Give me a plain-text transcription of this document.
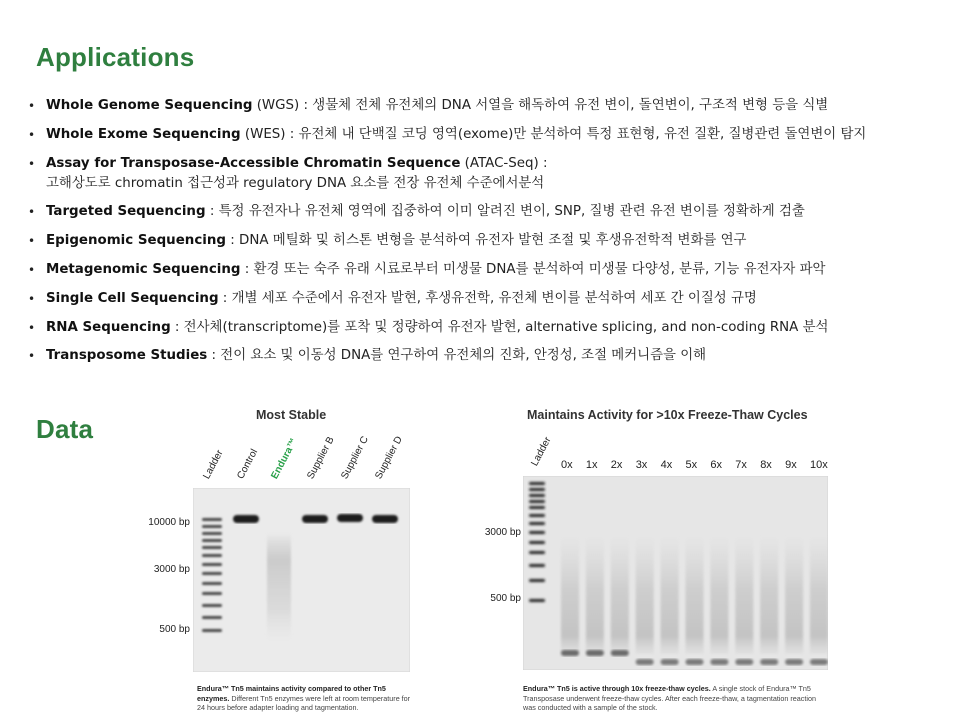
Applications
• Whole Genome Sequencing (WGS) : 생물체 전체 유전체의 DNA 서열을 해독하여 유전 변이, 돌연변이, 구조적 변형 등을 식별
• Whole Exome Sequencing (WES) : 유전체 내 단백질 코딩 영역(exome)만 분석하여 특정 표현형, 유전 질환, 질병관련 돌연변이 탐지
• Assay for Transposase-Accessible Chromatin Sequence (ATAC-Seq) :
고해상도로 chromatin 접근성과 regulatory DNA 요소를 전장 유전체 수준에서분석
• Targeted Sequencing : 특정 유전자나 유전체 영역에 집중하여 이미 알려진 변이, SNP, 질병 관련 유전 변이를 정확하게 검출
• Epigenomic Sequencing : DNA 메틸화 및 히스톤 변형을 분석하여 유전자 발현 조절 및 후생유전학적 변화를 연구
• Metagenomic Sequencing : 환경 또는 숙주 유래 시료로부터 미생물 DNA를 분석하여 미생물 다양성, 분류, 기능 유전자자 파악
• Single Cell Sequencing : 개별 세포 수준에서 유전자 발현, 후생유전학, 유전체 변이를 분석하여 세포 간 이질성 규명
• RNA Sequencing : 전사체(transcriptome)를 포착 및 정량하여 유전자 발현, alternative splicing, and non-coding RNA 분석
• Transposome Studies : 전이 요소 및 이동성 DNA를 연구하여 유전체의 진화, 안정성, 조절 메커니즘을 이해
Data	Most Stable
Ladder Control Endura™ Supplier B Supplier C Supplier D
10000 bp
3000 bp
500 bp
Endura™ Tn5 maintains activity compared to other Tn5 enzymes. Different Tn5 enzymes were left at room temperature for 24 hours before adapter loading and tagmentation.
Maintains Activity for >10x Freeze-Thaw Cycles
Ladder 0x 1x 2x 3x 4x 5x 6x 7x 8x 9x 10x
3000 bp
500 bp
Endura™ Tn5 is active through 10x freeze-thaw cycles. A single stock of Endura™ Tn5 Transposase underwent freeze-thaw cycles. After each freeze-thaw, a tagmentation reaction was conducted with a sample of the stock.
